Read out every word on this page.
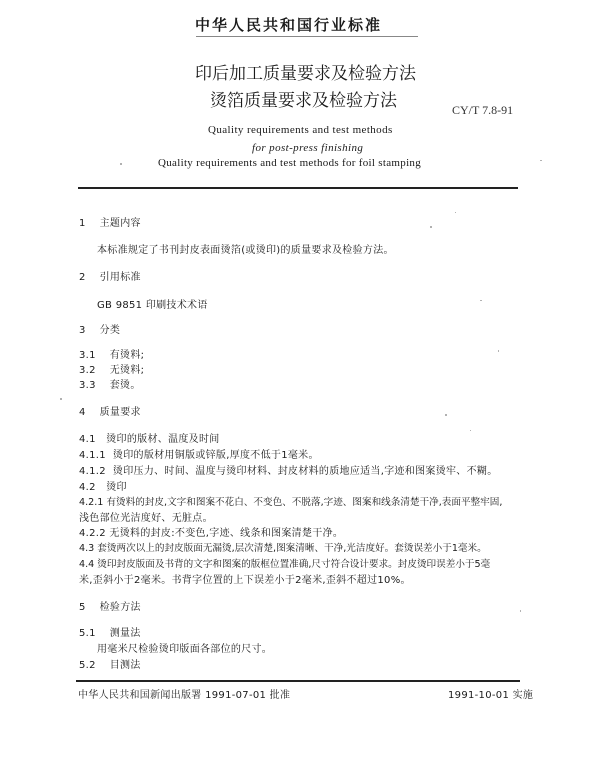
中华人民共和国行业标准
印后加工质量要求及检验方法
烫箔质量要求及检验方法	CY/T 7.8-91
Quality requirements and test methods
for post-press finishing
Quality requirements and test methods for foil stamping
1 主题内容
本标准规定了书刊封皮表面烫箔(或烫印)的质量要求及检验方法。
2 引用标准
GB 9851 印刷技术术语
3 分类
3.1 有烫料;
3.2 无烫料;
3.3 套烫。
4 质量要求
4.1 烫印的版材、温度及时间
4.1.1 烫印的版材用铜版或锌版,厚度不低于1毫米。
4.1.2 烫印压力、时间、温度与烫印材料、封皮材料的质地应适当,字迹和图案烫牢、不糊。
4.2 烫印
4.2.1 有烫料的封皮,文字和图案不花白、不变色、不脱落,字迹、图案和线条清楚干净,表面平整牢固,
浅色部位光洁度好、无脏点。
4.2.2 无烫料的封皮:不变色,字迹、线条和图案清楚干净。
4.3 套烫两次以上的封皮版面无漏烫,层次清楚,图案清晰、干净,光洁度好。套烫误差小于1毫米。
4.4 烫印封皮版面及书背的文字和图案的版框位置准确,尺寸符合设计要求。封皮烫印误差小于5毫
米,歪斜小于2毫米。书背字位置的上下误差小于2毫米,歪斜不超过10%。
5 检验方法
5.1 测量法
用毫米尺检验烫印版面各部位的尺寸。
5.2 目测法
中华人民共和国新闻出版署 1991-07-01 批准	1991-10-01 实施
